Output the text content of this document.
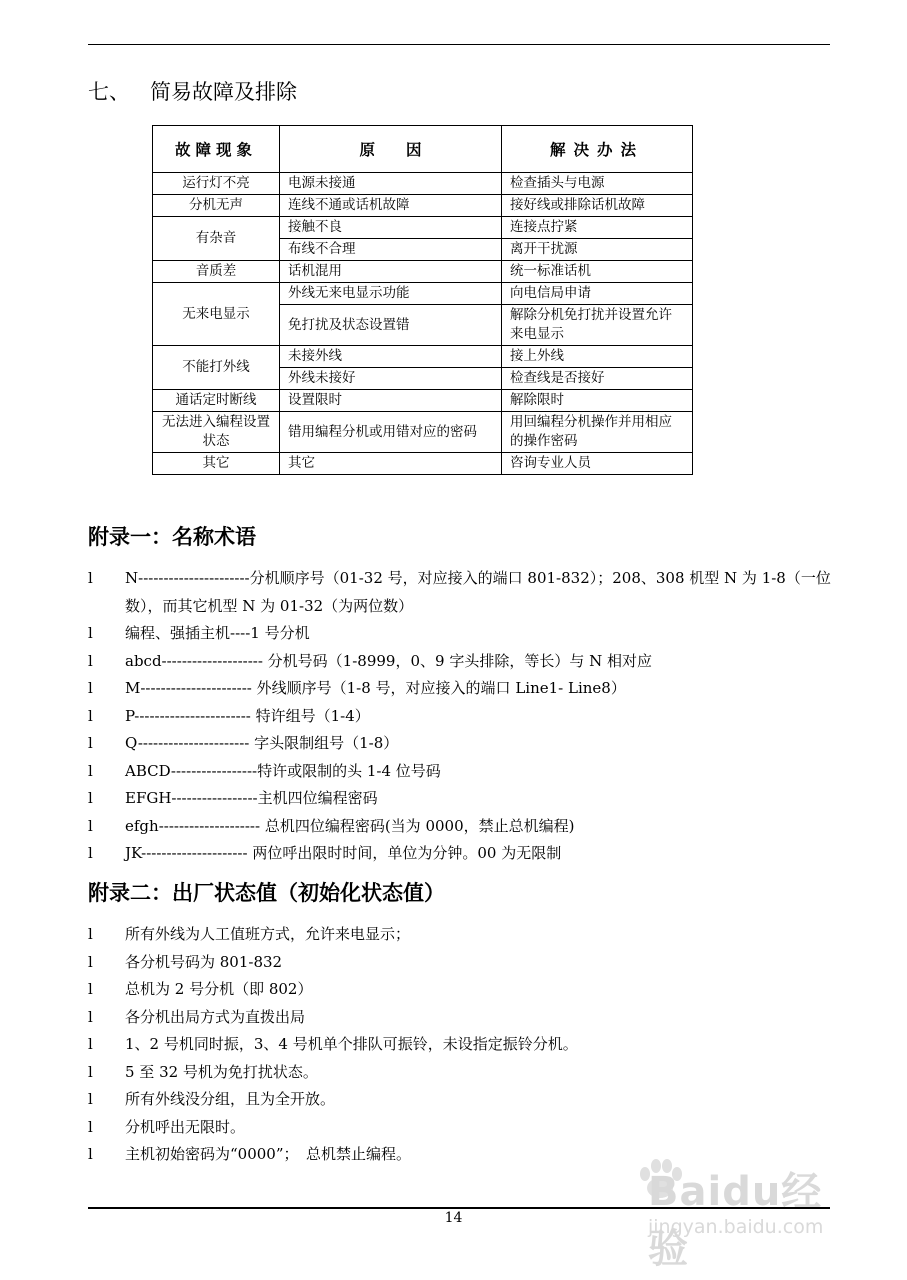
七、 简易故障及排除
故障现象	原　　因	解决办法
运行灯不亮	电源未接通	检查插头与电源
分机无声	连线不通或话机故障	接好线或排除话机故障
有杂音	接触不良	连接点拧紧
	布线不合理	离开干扰源
音质差	话机混用	统一标准话机
无来电显示	外线无来电显示功能	向电信局申请
	免打扰及状态设置错	解除分机免打扰并设置允许来电显示
不能打外线	未接外线	接上外线
	外线未接好	检查线是否接好
通话定时断线	设置限时	解除限时
无法进入编程设置状态	错用编程分机或用错对应的密码	用回编程分机操作并用相应的操作密码
其它	其它	咨询专业人员
附录一：名称术语
l N----------------------分机顺序号（01-32 号，对应接入的端口 801-832）；208、308 机型 N 为 1-8（一位数），而其它机型 N 为 01-32（为两位数）
l 编程、强插主机----1 号分机
l abcd-------------------- 分机号码（1-8999，0、9 字头排除，等长）与 N 相对应
l M---------------------- 外线顺序号（1-8 号，对应接入的端口 Line1- Line8）
l P----------------------- 特许组号（1-4）
l Q---------------------- 字头限制组号（1-8）
l ABCD-----------------特许或限制的头 1-4 位号码
l EFGH-----------------主机四位编程密码
l efgh-------------------- 总机四位编程密码(当为 0000，禁止总机编程)
l JK--------------------- 两位呼出限时时间，单位为分钟。00 为无限制
附录二：出厂状态值（初始化状态值）
l 所有外线为人工值班方式，允许来电显示；
l 各分机号码为 801-832
l 总机为 2 号分机（即 802）
l 各分机出局方式为直拨出局
l 1、2 号机同时振，3、4 号机单个排队可振铃，未设指定振铃分机。
l 5 至 32 号机为免打扰状态。
l 所有外线没分组，且为全开放。
l 分机呼出无限时。
l 主机初始密码为“0000”；　总机禁止编程。
14
Baidu经验
jingyan.baidu.com
